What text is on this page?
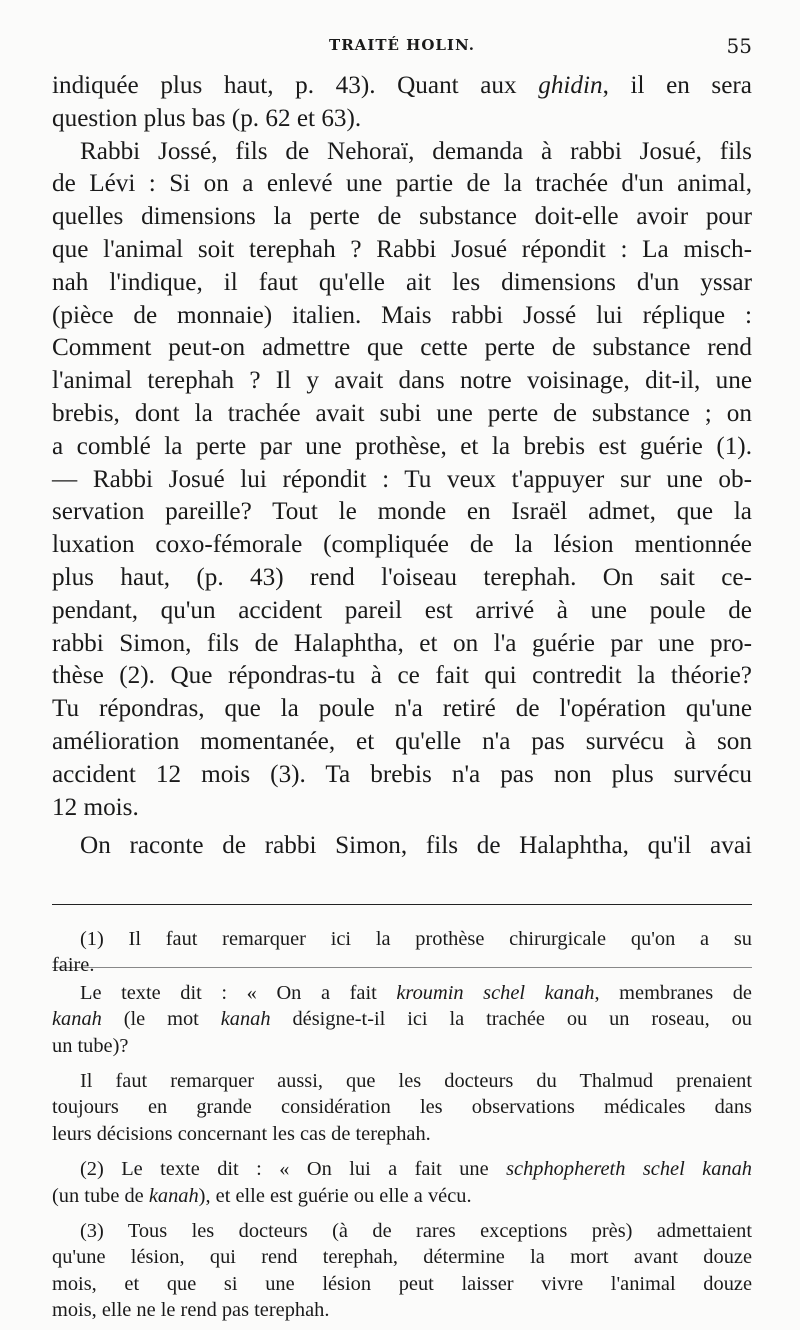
TRAITÉ HOLIN.	55
indiquée plus haut, p. 43). Quant aux ghidin, il en sera
question plus bas (p. 62 et 63).
Rabbi Jossé, fils de Nehoraï, demanda à rabbi Josué, fils
de Lévi : Si on a enlevé une partie de la trachée d'un animal,
quelles dimensions la perte de substance doit-elle avoir pour
que l'animal soit terephah ? Rabbi Josué répondit : La misch-
nah l'indique, il faut qu'elle ait les dimensions d'un yssar
(pièce de monnaie) italien. Mais rabbi Jossé lui réplique :
Comment peut-on admettre que cette perte de substance rend
l'animal terephah ? Il y avait dans notre voisinage, dit-il, une
brebis, dont la trachée avait subi une perte de substance ; on
a comblé la perte par une prothèse, et la brebis est guérie (1).
— Rabbi Josué lui répondit : Tu veux t'appuyer sur une ob-
servation pareille? Tout le monde en Israël admet, que la
luxation coxo-fémorale (compliquée de la lésion mentionnée
plus haut, (p. 43) rend l'oiseau terephah. On sait ce-
pendant, qu'un accident pareil est arrivé à une poule de
rabbi Simon, fils de Halaphtha, et on l'a guérie par une pro-
thèse (2). Que répondras-tu à ce fait qui contredit la théorie?
Tu répondras, que la poule n'a retiré de l'opération qu'une
amélioration momentanée, et qu'elle n'a pas survécu à son
accident 12 mois (3). Ta brebis n'a pas non plus survécu
12 mois.
On raconte de rabbi Simon, fils de Halaphtha, qu'il avai
(1) Il faut remarquer ici la prothèse chirurgicale qu'on a su
faire.
Le texte dit : « On a fait kroumin schel kanah, membranes de
kanah (le mot kanah désigne-t-il ici la trachée ou un roseau, ou
un tube)?
Il faut remarquer aussi, que les docteurs du Thalmud prenaient
toujours en grande considération les observations médicales dans
leurs décisions concernant les cas de terephah.
(2) Le texte dit : « On lui a fait une schphophereth schel kanah
(un tube de kanah), et elle est guérie ou elle a vécu.
(3) Tous les docteurs (à de rares exceptions près) admettaient
qu'une lésion, qui rend terephah, détermine la mort avant douze
mois, et que si une lésion peut laisser vivre l'animal douze
mois, elle ne le rend pas terephah.
